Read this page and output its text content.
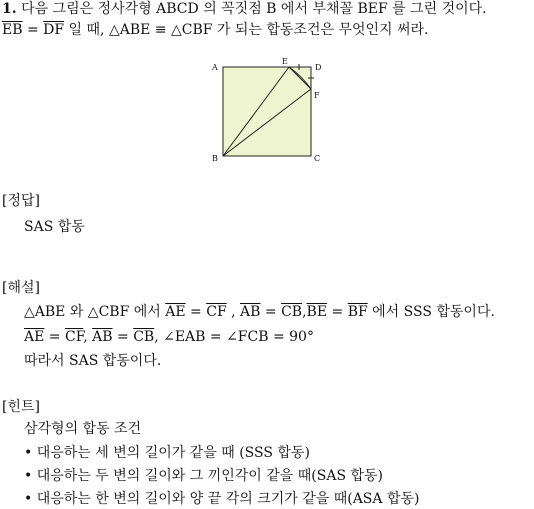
1. 다음 그림은 정사각형 ABCD 의 꼭짓점 B 에서 부채꼴 BEF 를 그린 것이다.
$\overline{EB} = \overline{DF}$ 일 때, △ABE ≡ △CBF 가 되는 합동조건은 무엇인지 써라.
A
E
D
F
B	C
[정답]
SAS 합동
[해설]
△ABE 와 △CBF 에서 $\overline{AE} = \overline{CF}$ , $\overline{AB} = \overline{CB},\overline{BE} = \overline{BF}$ 에서 SSS 합동이다.
$\overline{AE} = \overline{CF}$, $\overline{AB} = \overline{CB}$, ∠EAB = ∠FCB = 90°
따라서 SAS 합동이다.
[힌트]
삼각형의 합동 조건
• 대응하는 세 변의 길이가 같을 때 (SSS 합동)
• 대응하는 두 변의 길이와 그 끼인각이 같을 때(SAS 합동)
• 대응하는 한 변의 길이와 양 끝 각의 크기가 같을 때(ASA 합동)
